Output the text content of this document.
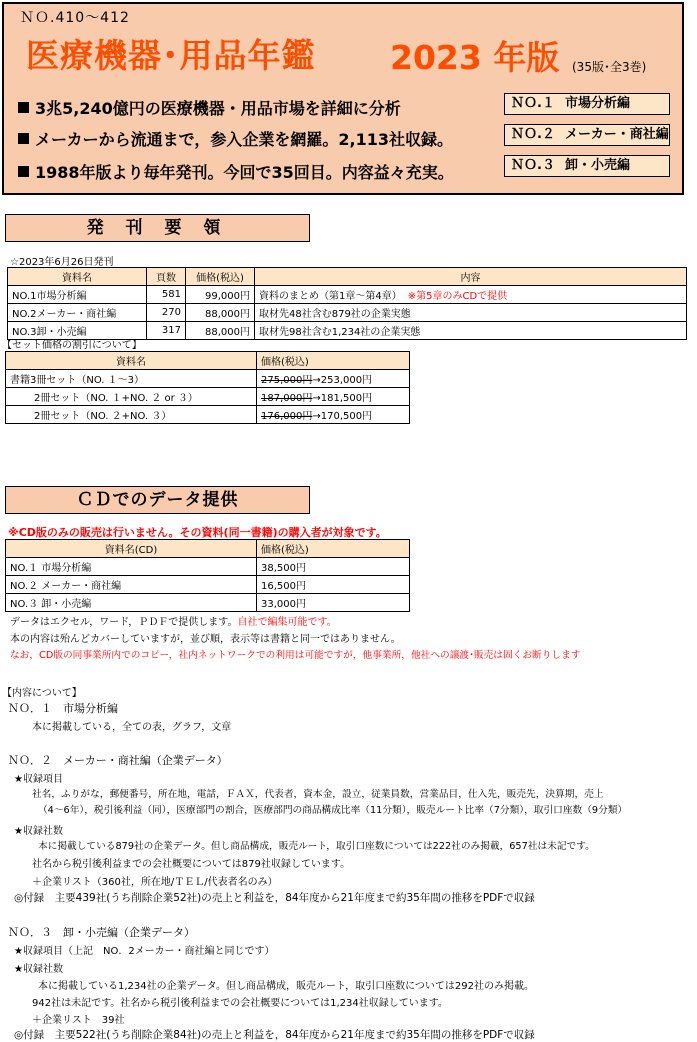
ＮＯ.410～412
医療機器･用品年鑑 2023 年版 (35版･全3巻)
3兆5,240億円の医療機器・用品市場を詳細に分析
メーカーから流通まで，参入企業を網羅。2,113社収録。
1988年版より毎年発刊。今回で35回目。内容益々充実。
ＮＯ.１ 市場分析編
ＮＯ.２ メーカー・商社編
ＮＯ.３ 卸・小売編
発 刊 要 領
☆2023年6月26日発刊
資料名	頁数	価格(税込)	内容
NO.1市場分析編	581	99,000円	資料のまとめ（第1章～第4章） ※第5章のみCDで提供
NO.2メーカー・商社編	270	88,000円	取材先48社含む879社の企業実態
NO.3卸・小売編	317	88,000円	取材先98社含む1,234社の企業実態
【セット価格の割引について】
資料名	価格(税込)
書籍3冊セット（NO. １～3）	275,000円→253,000円
2冊セット（NO. １+NO. ２ or ３）	187,000円→181,500円
2冊セット（NO. ２+NO. ３）	176,000円→170,500円
ＣＤでのデータ提供
※CD版のみの販売は行いません。その資料(同一書籍)の購入者が対象です。
資料名(CD)	価格(税込)
NO.１ 市場分析編	38,500円
NO.２ メーカー・商社編	16,500円
NO.３ 卸・小売編	33,000円
データはエクセル，ワード，ＰＤＦで提供します。自社で編集可能です。
本の内容は殆んどカバーしていますが，並び順，表示等は書籍と同一ではありません。
なお，CD版の同事業所内でのコピー，社内ネットワークでの利用は可能ですが，他事業所，他社への譲渡･販売は固くお断りします
【内容について】
ＮＯ．１　市場分析編
本に掲載している，全ての表，グラフ，文章
ＮＯ．２　メーカー・商社編（企業データ）
★収録項目
社名，ふりがな，郵便番号，所在地，電話，ＦＡＸ，代表者，資本金，設立，従業員数，営業品目，仕入先，販売先，決算期，売上
（4～6年），税引後利益（同），医療部門の割合，医療部門の商品構成比率（11分類），販売ルート比率（7分類），取引口座数（9分類）
★収録社数
本に掲載している879社の企業データ。但し商品構成，販売ルート，取引口座数については222社のみ掲載，657社は未記です。
社名から税引後利益までの会社概要については879社収録しています。
＋企業リスト（360社，所在地/ＴＥＬ/代表者名のみ）
◎付録　主要439社(うち削除企業52社)の売上と利益を，84年度から21年度まで約35年間の推移をPDFで収録
ＮＯ．３　卸・小売編（企業データ）
★収録項目（上記　NO．2メーカー・商社編と同じです）
★収録社数
本に掲載している1,234社の企業データ。但し商品構成，販売ルート，取引口座数については292社のみ掲載。
942社は未記です。社名から税引後利益までの会社概要については1,234社収録しています。
＋企業リスト　39社
◎付録　主要522社(うち削除企業84社)の売上と利益を，84年度から21年度まで約35年間の推移をPDFで収録
